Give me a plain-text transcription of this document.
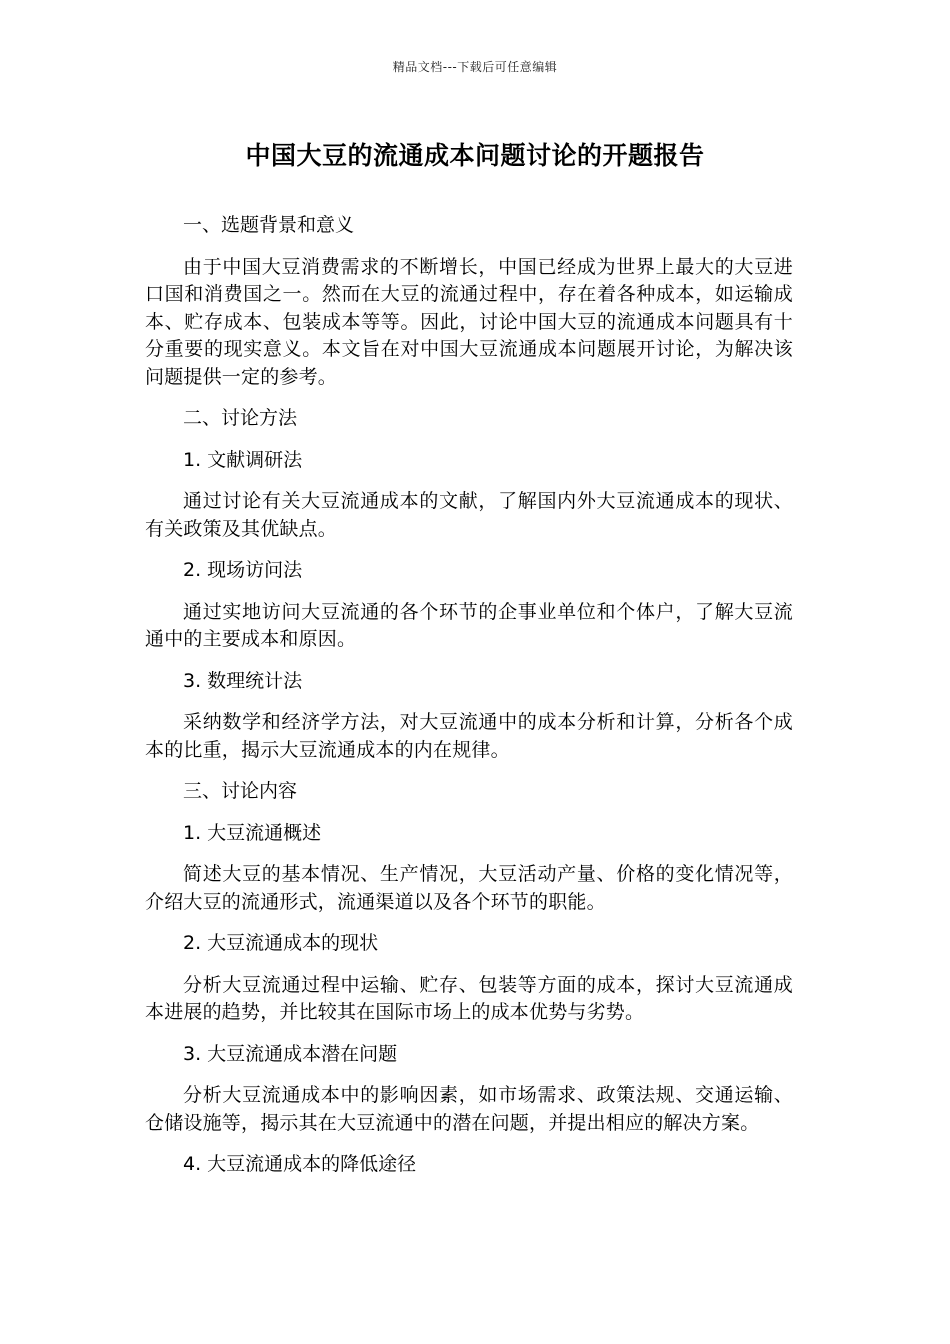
精品文档---下载后可任意编辑
中国大豆的流通成本问题讨论的开题报告

一、选题背景和意义

由于中国大豆消费需求的不断增长，中国已经成为世界上最大的大豆进口国和消费国之一。然而在大豆的流通过程中，存在着各种成本，如运输成本、贮存成本、包装成本等等。因此，讨论中国大豆的流通成本问题具有十分重要的现实意义。本文旨在对中国大豆流通成本问题展开讨论，为解决该问题提供一定的参考。

二、讨论方法

1. 文献调研法

通过讨论有关大豆流通成本的文献，了解国内外大豆流通成本的现状、有关政策及其优缺点。

2. 现场访问法

通过实地访问大豆流通的各个环节的企事业单位和个体户，了解大豆流通中的主要成本和原因。

3. 数理统计法

采纳数学和经济学方法，对大豆流通中的成本分析和计算，分析各个成本的比重，揭示大豆流通成本的内在规律。

三、讨论内容

1. 大豆流通概述

简述大豆的基本情况、生产情况，大豆活动产量、价格的变化情况等，介绍大豆的流通形式，流通渠道以及各个环节的职能。

2. 大豆流通成本的现状

分析大豆流通过程中运输、贮存、包装等方面的成本，探讨大豆流通成本进展的趋势，并比较其在国际市场上的成本优势与劣势。

3. 大豆流通成本潜在问题

分析大豆流通成本中的影响因素，如市场需求、政策法规、交通运输、仓储设施等，揭示其在大豆流通中的潜在问题，并提出相应的解决方案。

4. 大豆流通成本的降低途径
